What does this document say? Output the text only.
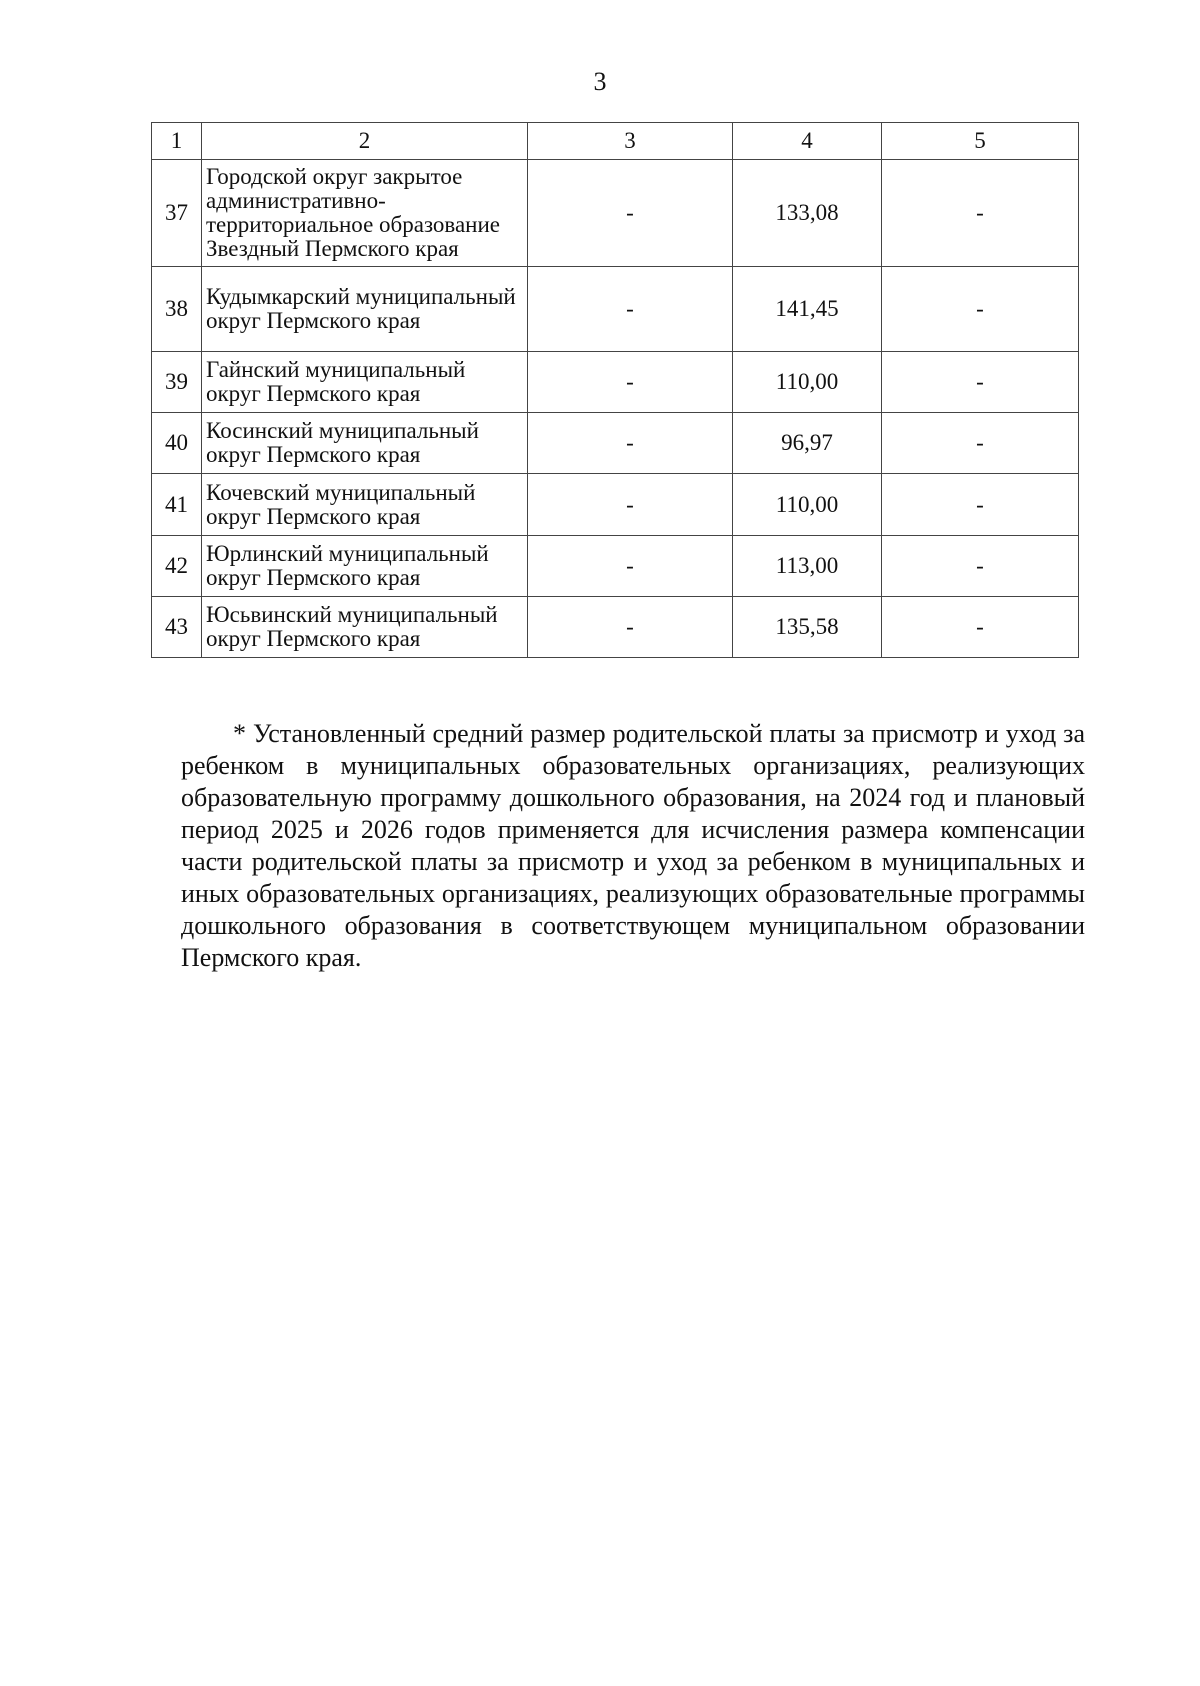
3
1	2	3	4	5
37	Городской округ закрытое административно-территориальное образование Звездный Пермского края	-	133,08	-
38	Кудымкарский муниципальный округ Пермского края	-	141,45	-
39	Гайнский муниципальный округ Пермского края	-	110,00	-
40	Косинский муниципальный округ Пермского края	-	96,97	-
41	Кочевский муниципальный округ Пермского края	-	110,00	-
42	Юрлинский муниципальный округ Пермского края	-	113,00	-
43	Юсьвинский муниципальный округ Пермского края	-	135,58	-
* Установленный средний размер родительской платы за присмотр и уход за ребенком в муниципальных образовательных организациях, реализующих образовательную программу дошкольного образования, на 2024 год и плановый период 2025 и 2026 годов применяется для исчисления размера компенсации части родительской платы за присмотр и уход за ребенком в муниципальных и иных образовательных организациях, реализующих образовательные программы дошкольного образования в соответствующем муниципальном образовании Пермского края.
